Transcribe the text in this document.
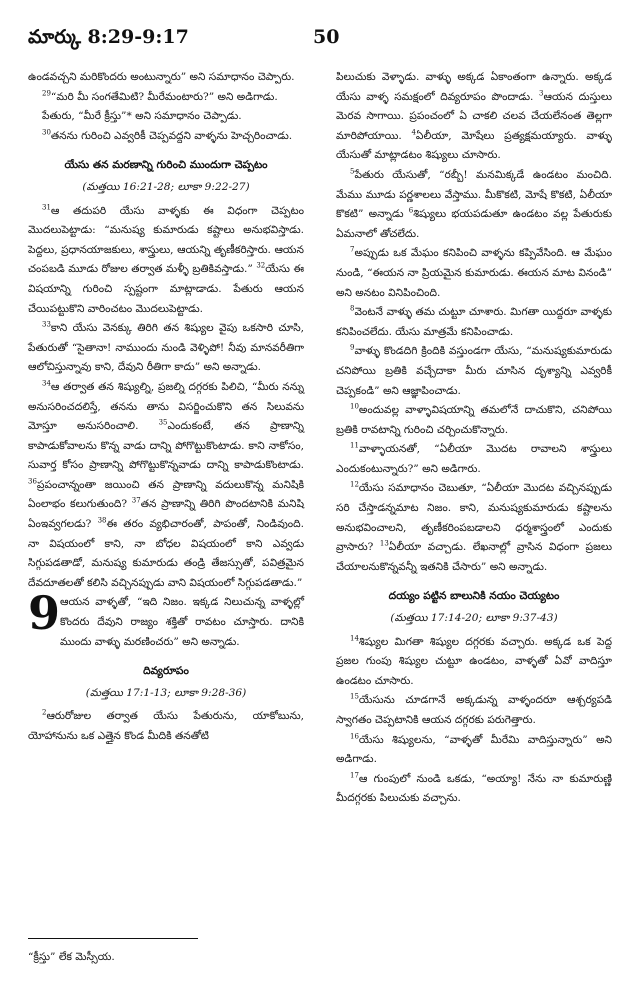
మార్కు 8:29-9:17	50

ఉండవచ్చని మరికొందరు అంటున్నారు” అని సమాధానం చెప్పారు.

$^{29}$“మరి మీ సంగతేమిటి? మీరేమంటారు?” అని అడిగాడు.

పేతురు, “మీరే క్రీస్తు”* అని సమాధానం చెప్పాడు.

$^{30}$తనను గురించి ఎవ్వరికీ చెప్పవద్దని వాళ్ళను హెచ్చరించాడు.

యేసు తన మరణాన్ని గురించి ముందుగా చెప్పటం
(మత్తయి 16:21-28; లూకా 9:22-27)

$^{31}$ఆ తదుపరి యేసు వాళ్ళకు ఈ విధంగా చెప్పటం మొదలుపెట్టాడు: “మనుష్య కుమారుడు కష్టాలు అనుభవిస్తాడు. పెద్దలు, ప్రధానయాజకులు, శాస్త్రులు, ఆయన్ని తృణీకరిస్తారు. ఆయన చంపబడి మూడు రోజుల తర్వాత మళ్ళీ బ్రతికివస్తాడు.” $^{32}$యేసు ఈ విషయాన్ని గురించి స్పష్టంగా మాట్లాడాడు. పేతురు ఆయన చేయిపట్టుకొని వారించటం మొదలుపెట్టాడు.

$^{33}$కాని యేసు వెనక్కు తిరిగి తన శిష్యుల వైపు ఒకసారి చూసి, పేతురుతో “సైతానా! నాముందు నుండి వెళ్ళిపో! నీవు మానవరీతిగా ఆలోచిస్తున్నావు కాని, దేవుని రీతిగా కాదు” అని అన్నాడు.

$^{34}$ఆ తర్వాత తన శిష్యుల్ని, ప్రజల్ని దగ్గరకు పిలిచి, “మీరు నన్ను అనుసరించదలిస్తే, తనను తాను విసర్జించుకొని తన సిలువను మోస్తూ అనుసరించాలి.	$^{35}$ఎందుకంటే, తన ప్రాణాన్ని కాపాడుకోవాలను కొన్న వాడు దాన్ని పోగొట్టుకొంటాడు. కాని నాకోసం, సువార్త కోసం ప్రాణాన్ని పోగొట్టుకొన్నవాడు దాన్ని కాపాడుకొంటాడు. $^{36}$ప్రపంచాన్నంతా జయించి తన ప్రాణాన్ని వదులుకొన్న మనిషికి ఏంలాభం కలుగుతుంది? $^{37}$తన ప్రాణాన్ని తిరిగి పొందటానికి మనిషి ఏంఇవ్వగలడు? $^{38}$ఈ తరం వ్యభిచారంతో, పాపంతో, నిండివుంది. నా విషయంలో కాని, నా బోధల విషయంలో కాని ఎవ్వడు సిగ్గుపడతాడో, మనుష్య కుమారుడు తండ్రి తేజస్సుతో, పవిత్రమైన దేవదూతలతో కలిసి వచ్చినప్పుడు వాని విషయంలో సిగ్గుపడతాడు.”

9 ఆయన వాళ్ళతో, “ఇది నిజం. ఇక్కడ నిలుచున్న వాళ్ళల్లో కొందరు దేవుని రాజ్యం శక్తితో రావటం చూస్తారు. దానికి ముందు వాళ్ళు మరణించరు” అని అన్నాడు.

దివ్యరూపం
(మత్తయి 17:1-13; లూకా 9:28-36)

$^2$ఆరురోజుల తర్వాత యేసు పేతురును, యాకోబును, యోహానును ఒక ఎత్తైన కొండ మీదికి తనతోటి

“క్రీస్తు” లేక మెస్సీయ.

పిలుచుకు వెళ్ళాడు. వాళ్ళు అక్కడ ఏకాంతంగా ఉన్నారు. అక్కడ యేసు వాళ్ళ సమక్షంలో దివ్యరూపం పొందాడు. $^3$ఆయన దుస్తులు మెరవ సాగాయి. ప్రపంచంలో ఏ చాకలి చలవ చేయలేనంత తెల్లగా మారిపోయాయి. $^4$ఏలీయా, మోషేలు ప్రత్యక్షమయ్యారు. వాళ్ళు యేసుతో మాట్లాడటం శిష్యులు చూసారు.

$^5$పేతురు యేసుతో, “రబ్బీ! మనమిక్కడే ఉండటం మంచిది. మేము మూడు పర్ణశాలలు వేస్తాము. మీకొకటి, మోషే కొకటి, ఏలీయా కొకటి” అన్నాడు $^6$శిష్యులు భయపడుతూ ఉండటం వల్ల పేతురుకు ఏమనాలో తోచలేదు.

$^7$అప్పుడు ఒక మేఘం కనిపించి వాళ్ళను కప్పివేసింది. ఆ మేఘం నుండి, “ఈయన నా ప్రియమైన కుమారుడు. ఈయన మాట వినండి” అని అనటం వినిపించింది.

$^8$వెంటనే వాళ్ళు తమ చుట్టూ చూశారు. మిగతా యిద్దరూ వాళ్ళకు కనిపించలేదు. యేసు మాత్రమే కనిపించాడు.

$^9$వాళ్ళు కొండదిగి క్రిందికి వస్తుండగా యేసు, “మనుష్యకుమారుడు చనిపోయి బ్రతికి వచ్చేదాకా మీరు చూసిన దృశ్యాన్ని ఎవ్వరికీ చెప్పకండి” అని ఆజ్ఞాపించాడు.

$^{10}$అందువల్ల వాళ్ళావిషయాన్ని తమలోనే దాచుకొని, చనిపోయి బ్రతికి రావటాన్ని గురించి చర్చించుకొన్నారు.

$^{11}$వాళ్ళాయనతో, “ఏలీయా మొదట రావాలని శాస్త్రులు ఎందుకంటున్నారు?” అని అడిగారు.

$^{12}$యేసు సమాధానం చెబుతూ, “ఏలీయా మొదట వచ్చినప్పుడు సరి చేస్తాడన్నమాట నిజం. కాని, మనుష్యకుమారుడు కష్టాలను అనుభవించాలని, తృణీకరింపబడాలని ధర్మశాస్త్రంలో ఎందుకు వ్రాసారు? $^{13}$ఏలీయా వచ్చాడు. లేఖనాల్లో వ్రాసిన విధంగా ప్రజలు చేయాలనుకొన్నవన్నీ ఇతనికి చేసారు” అని అన్నాడు.

దయ్యం పట్టిన బాలునికి నయం చెయ్యటం
(మత్తయి 17:14-20; లూకా 9:37-43)

$^{14}$శిష్యుల మిగతా శిష్యుల దగ్గరకు వచ్చారు. అక్కడ ఒక పెద్ద ప్రజల గుంపు శిష్యుల చుట్టూ ఉండటం, వాళ్ళతో ఏవో వాదిస్తూ ఉండటం చూసారు.

$^{15}$యేసును చూడగానే అక్కడున్న వాళ్ళందరూ ఆశ్చర్యపడి స్వాగతం చెప్పటానికి ఆయన దగ్గరకు పరుగెత్తారు.

$^{16}$యేసు శిష్యులను, “వాళ్ళతో మీరేమి వాదిస్తున్నారు” అని అడిగాడు.

$^{17}$ఆ గుంపులో నుండి ఒకడు, “అయ్యా! నేను నా కుమారుణ్ణి మీదగ్గరకు పిలుచుకు వచ్చాను.
